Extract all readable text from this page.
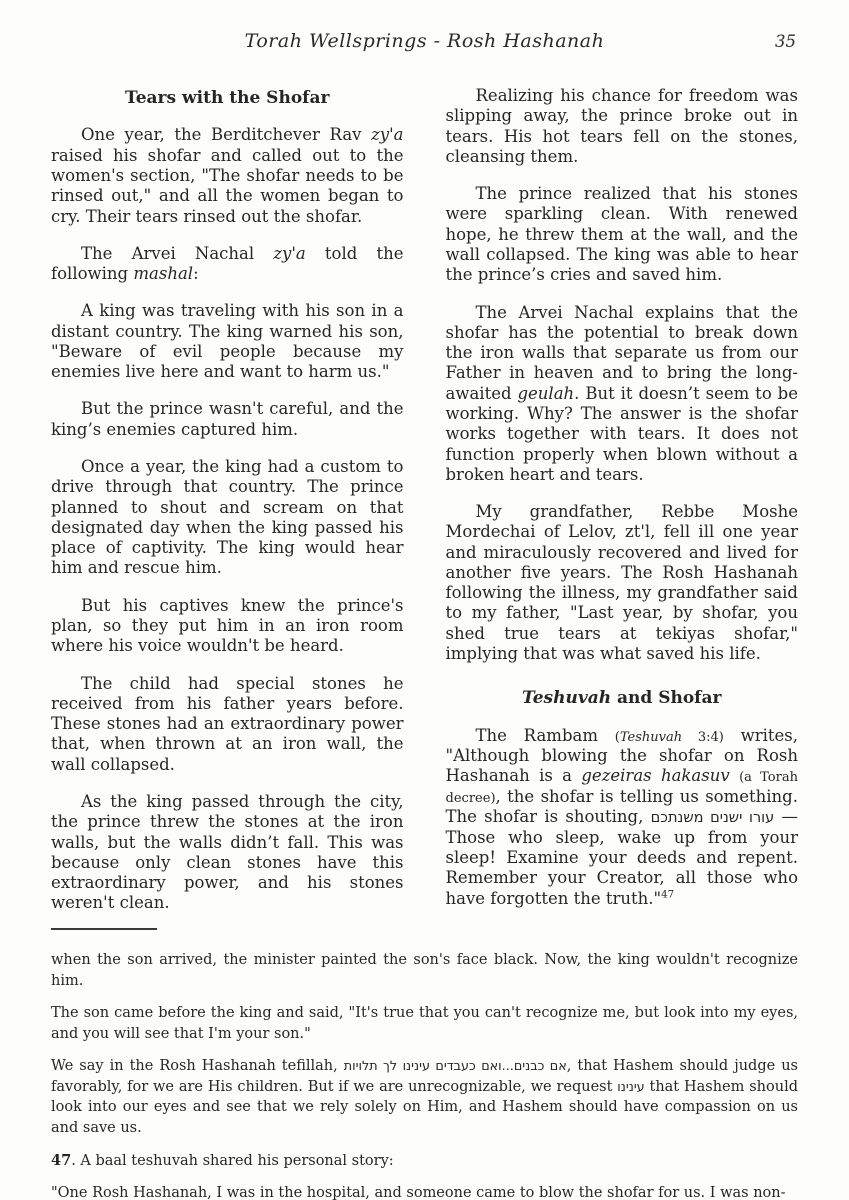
Torah Wellsprings - Rosh Hashanah	35
Tears with the Shofar

One year, the Berditchever Rav zy'a raised his shofar and called out to the women's section, "The shofar needs to be rinsed out," and all the women began to cry. Their tears rinsed out the shofar.

The Arvei Nachal zy'a told the following mashal:

A king was traveling with his son in a distant country. The king warned his son, "Beware of evil people because my enemies live here and want to harm us."

But the prince wasn't careful, and the king’s enemies captured him.

Once a year, the king had a custom to drive through that country. The prince planned to shout and scream on that designated day when the king passed his place of captivity. The king would hear him and rescue him.

But his captives knew the prince's plan, so they put him in an iron room where his voice wouldn't be heard.

The child had special stones he received from his father years before. These stones had an extraordinary power that, when thrown at an iron wall, the wall collapsed.

As the king passed through the city, the prince threw the stones at the iron walls, but the walls didn’t fall. This was because only clean stones have this extraordinary power, and his stones weren't clean.

Realizing his chance for freedom was slipping away, the prince broke out in tears. His hot tears fell on the stones, cleansing them.

The prince realized that his stones were sparkling clean. With renewed hope, he threw them at the wall, and the wall collapsed. The king was able to hear the prince’s cries and saved him.

The Arvei Nachal explains that the shofar has the potential to break down the iron walls that separate us from our Father in heaven and to bring the long-awaited geulah. But it doesn’t seem to be working. Why? The answer is the shofar works together with tears. It does not function properly when blown without a broken heart and tears.

My grandfather, Rebbe Moshe Mordechai of Lelov, zt'l, fell ill one year and miraculously recovered and lived for another five years. The Rosh Hashanah following the illness, my grandfather said to my father, "Last year, by shofar, you shed true tears at tekiyas shofar," implying that was what saved his life.

Teshuvah and Shofar

The Rambam (Teshuvah 3:4) writes, "Although blowing the shofar on Rosh Hashanah is a gezeiras hakasuv (a Torah decree), the shofar is telling us something. The shofar is shouting, עורו ישנים משנתכם — Those who sleep, wake up from your sleep! Examine your deeds and repent. Remember your Creator, all those who have forgotten the truth."$^{47}$

when the son arrived, the minister painted the son's face black. Now, the king wouldn't recognize him.

The son came before the king and said, "It's true that you can't recognize me, but look into my eyes, and you will see that I'm your son."

We say in the Rosh Hashanah tefillah, אם כבנים...ואם כעבדים עינינו לך תלויות, that Hashem should judge us favorably, for we are His children. But if we are unrecognizable, we request עינינו that Hashem should look into our eyes and see that we rely solely on Him, and Hashem should have compassion on us and save us.

47. A baal teshuvah shared his personal story:

"One Rosh Hashanah, I was in the hospital, and someone came to blow the shofar for us. I was non-
